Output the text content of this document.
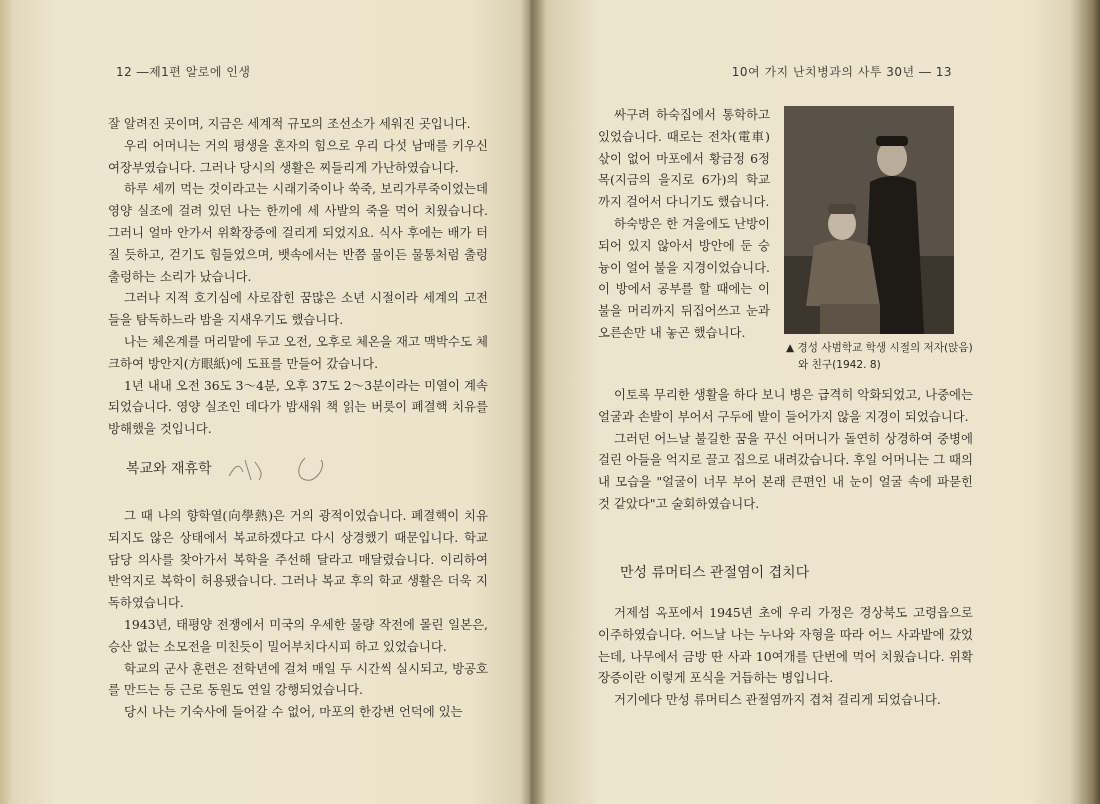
12 ―제1편 알로에 인생

잘 알려진 곳이며, 지금은 세계적 규모의 조선소가 세워진 곳입니다.

우리 어머니는 거의 평생을 혼자의 힘으로 우리 다섯 남매를 키우신 여장부였습니다. 그러나 당시의 생활은 찌들리게 가난하였습니다.

하루 세끼 먹는 것이라고는 시래기죽이나 쑥죽, 보리가루죽이었는데 영양 실조에 걸려 있던 나는 한끼에 세 사발의 죽을 먹어 치웠습니다. 그러니 얼마 안가서 위확장증에 걸리게 되었지요. 식사 후에는 배가 터질 듯하고, 걷기도 힘들었으며, 뱃속에서는 반쯤 물이든 물통처럼 출렁출렁하는 소리가 났습니다.

그러나 지적 호기심에 사로잡힌 꿈많은 소년 시절이라 세계의 고전들을 탐독하느라 밤을 지새우기도 했습니다.

나는 체온계를 머리맡에 두고 오전, 오후로 체온을 재고 맥박수도 체크하여 방안지(方眼紙)에 도표를 만들어 갔습니다.

1년 내내 오전 36도 3～4분, 오후 37도 2～3분이라는 미열이 계속되었습니다. 영양 실조인 데다가 밤새워 책 읽는 버릇이 폐결핵 치유를 방해했을 것입니다.

복교와 재휴학

그 때 나의 향학열(向學熱)은 거의 광적이었습니다. 폐결핵이 치유되지도 않은 상태에서 복교하겠다고 다시 상경했기 때문입니다. 학교 담당 의사를 찾아가서 복학을 주선해 달라고 매달렸습니다. 이리하여 반억지로 복학이 허용됐습니다. 그러나 복교 후의 학교 생활은 더욱 지독하였습니다.

1943년, 태평양 전쟁에서 미국의 우세한 물량 작전에 몰린 일본은, 승산 없는 소모전을 미친듯이 밀어부치다시피 하고 있었습니다.

학교의 군사 훈련은 전학년에 걸쳐 매일 두 시간씩 실시되고, 방공호를 만드는 등 근로 동원도 연일 강행되었습니다.

당시 나는 기숙사에 들어갈 수 없어, 마포의 한강변 언덕에 있는

10여 가지 난치병과의 사투 30년 ― 13

싸구려 하숙집에서 통학하고 있었습니다. 때로는 전차(電車) 삯이 없어 마포에서 황금정 6정목(지금의 을지로 6가)의 학교까지 걸어서 다니기도 했습니다.

하숙방은 한 겨울에도 난방이 되어 있지 않아서 방안에 둔 숭늉이 얼어 불을 지경이었습니다. 이 방에서 공부를 할 때에는 이불을 머리까지 뒤집어쓰고 눈과 오른손만 내 놓곤 했습니다.

▲ 경성 사범학교 학생 시절의 저자(앉음)
와 친구(1942. 8)

이토록 무리한 생활을 하다 보니 병은 급격히 악화되었고, 나중에는 얼굴과 손발이 부어서 구두에 발이 들어가지 않을 지경이 되었습니다.

그러던 어느날 불길한 꿈을 꾸신 어머니가 돌연히 상경하여 중병에 걸린 아들을 억지로 끌고 집으로 내려갔습니다. 후일 어머니는 그 때의 내 모습을 "얼굴이 너무 부어 본래 큰편인 내 눈이 얼굴 속에 파묻힌 것 같았다"고 술회하였습니다.

만성 류머티스 관절염이 겹치다

거제섬 옥포에서 1945년 초에 우리 가정은 경상북도 고령읍으로 이주하였습니다. 어느날 나는 누나와 자형을 따라 어느 사과밭에 갔었는데, 나무에서 금방 딴 사과 10여개를 단번에 먹어 치웠습니다. 위확장증이란 이렇게 포식을 거듭하는 병입니다.

거기에다 만성 류머티스 관절염까지 겹쳐 걸리게 되었습니다.
